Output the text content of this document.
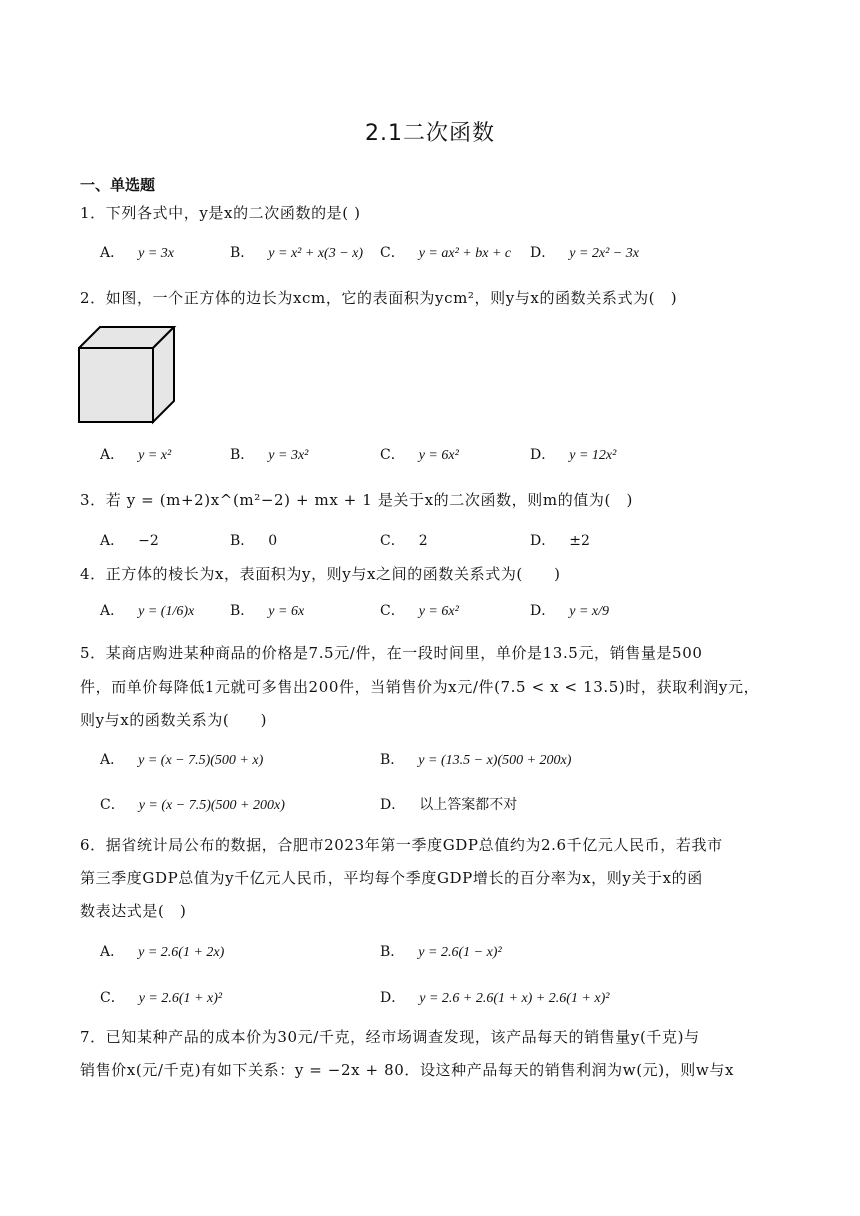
2.1二次函数
一、单选题
1．下列各式中，y是x的二次函数的是( )
A． y = 3x	B． y = x² + x(3 − x) C． y = ax² + bx + c D． y = 2x² − 3x
2．如图，一个正方体的边长为xcm，它的表面积为ycm²，则y与x的函数关系式为(　)
A． y = x²	B． y = 3x²	C． y = 6x²	D． y = 12x²
3．若 y = (m+2)x^(m²−2) + mx + 1 是关于x的二次函数，则m的值为(　)
A． −2	B． 0	C． 2	D． ±2
4．正方体的棱长为x，表面积为y，则y与x之间的函数关系式为(　　)
A． y = (1/6)x	B． y = 6x	C． y = 6x²	D． y = x/9
5．某商店购进某种商品的价格是7.5元/件，在一段时间里，单价是13.5元，销售量是500
件，而单价每降低1元就可多售出200件，当销售价为x元/件(7.5 < x < 13.5)时，获取利润y元，
则y与x的函数关系为(　　)
A． y = (x − 7.5)(500 + x)	B． y = (13.5 − x)(500 + 200x)
C． y = (x − 7.5)(500 + 200x)	D． 以上答案都不对
6．据省统计局公布的数据，合肥市2023年第一季度GDP总值约为2.6千亿元人民币，若我市
第三季度GDP总值为y千亿元人民币，平均每个季度GDP增长的百分率为x，则y关于x的函
数表达式是(　)
A． y = 2.6(1 + 2x)	B． y = 2.6(1 − x)²
C． y = 2.6(1 + x)²	D． y = 2.6 + 2.6(1 + x) + 2.6(1 + x)²
7．已知某种产品的成本价为30元/千克，经市场调查发现，该产品每天的销售量y(千克)与
销售价x(元/千克)有如下关系：y = −2x + 80．设这种产品每天的销售利润为w(元)，则w与x
